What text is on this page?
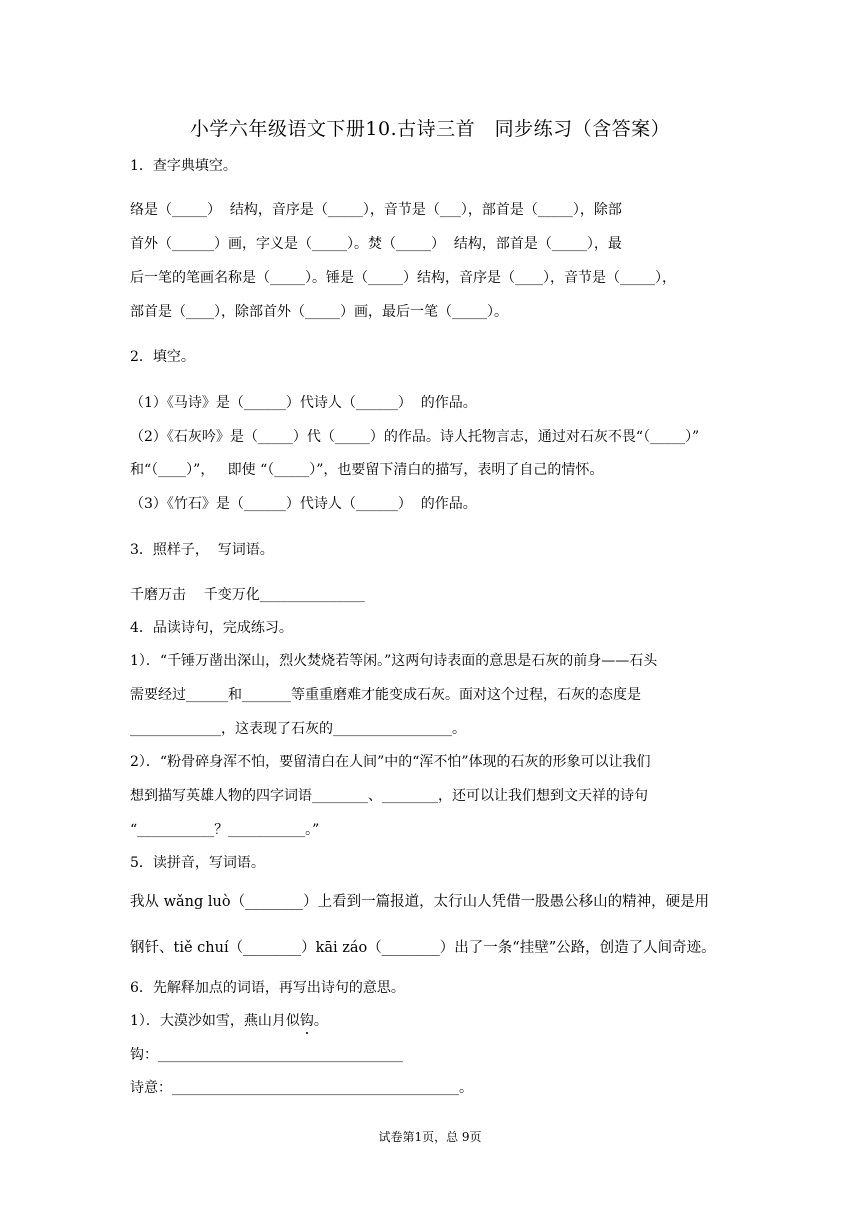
小学六年级语文下册10.古诗三首　同步练习（含答案）
1．查字典填空。
络是（_____）  结构，音序是（_____），音节是（___），部首是（_____），除部
首外（______）画，字义是（_____）。焚（_____）  结构，部首是（_____），最
后一笔的笔画名称是（_____）。锤是（_____）结构，音序是（____），音节是（_____），
部首是（____），除部首外（_____）画，最后一笔（_____）。
2．填空。
（1）《马诗》是（______）代诗人（______）  的作品。
（2）《石灰吟》是（_____）代（_____）的作品。诗人托物言志，通过对石灰不畏“（_____）”
和“（____）”，   即使 “（_____）”，也要留下清白的描写，表明了自己的情怀。
（3）《竹石》是（______）代诗人（______）  的作品。
3．照样子，  写词语。
千磨万击    千变万化_______________
4．品读诗句，完成练习。
1）．“千锤万凿出深山，烈火焚烧若等闲。”这两句诗表面的意思是石灰的前身——石头
需要经过______和_______等重重磨难才能变成石灰。面对这个过程，石灰的态度是
_____________，这表现了石灰的_________________。
2）．“粉骨碎身浑不怕，要留清白在人间”中的“浑不怕”体现的石灰的形象可以让我们
想到描写英雄人物的四字词语________、________，还可以让我们想到文天祥的诗句
“___________？___________。”
5．读拼音，写词语。
我从 wǎng luò（________）上看到一篇报道，太行山人凭借一股愚公移山的精神，硬是用
钢钎、tiě chuí（________）kāi záo（________）出了一条“挂壁”公路，创造了人间奇迹。
6．先解释加点的词语，再写出诗句的意思。
1）．大漠沙如雪，燕山月似钩。
钩：___________________________________
诗意：_________________________________________。
试卷第1页，总 9页
